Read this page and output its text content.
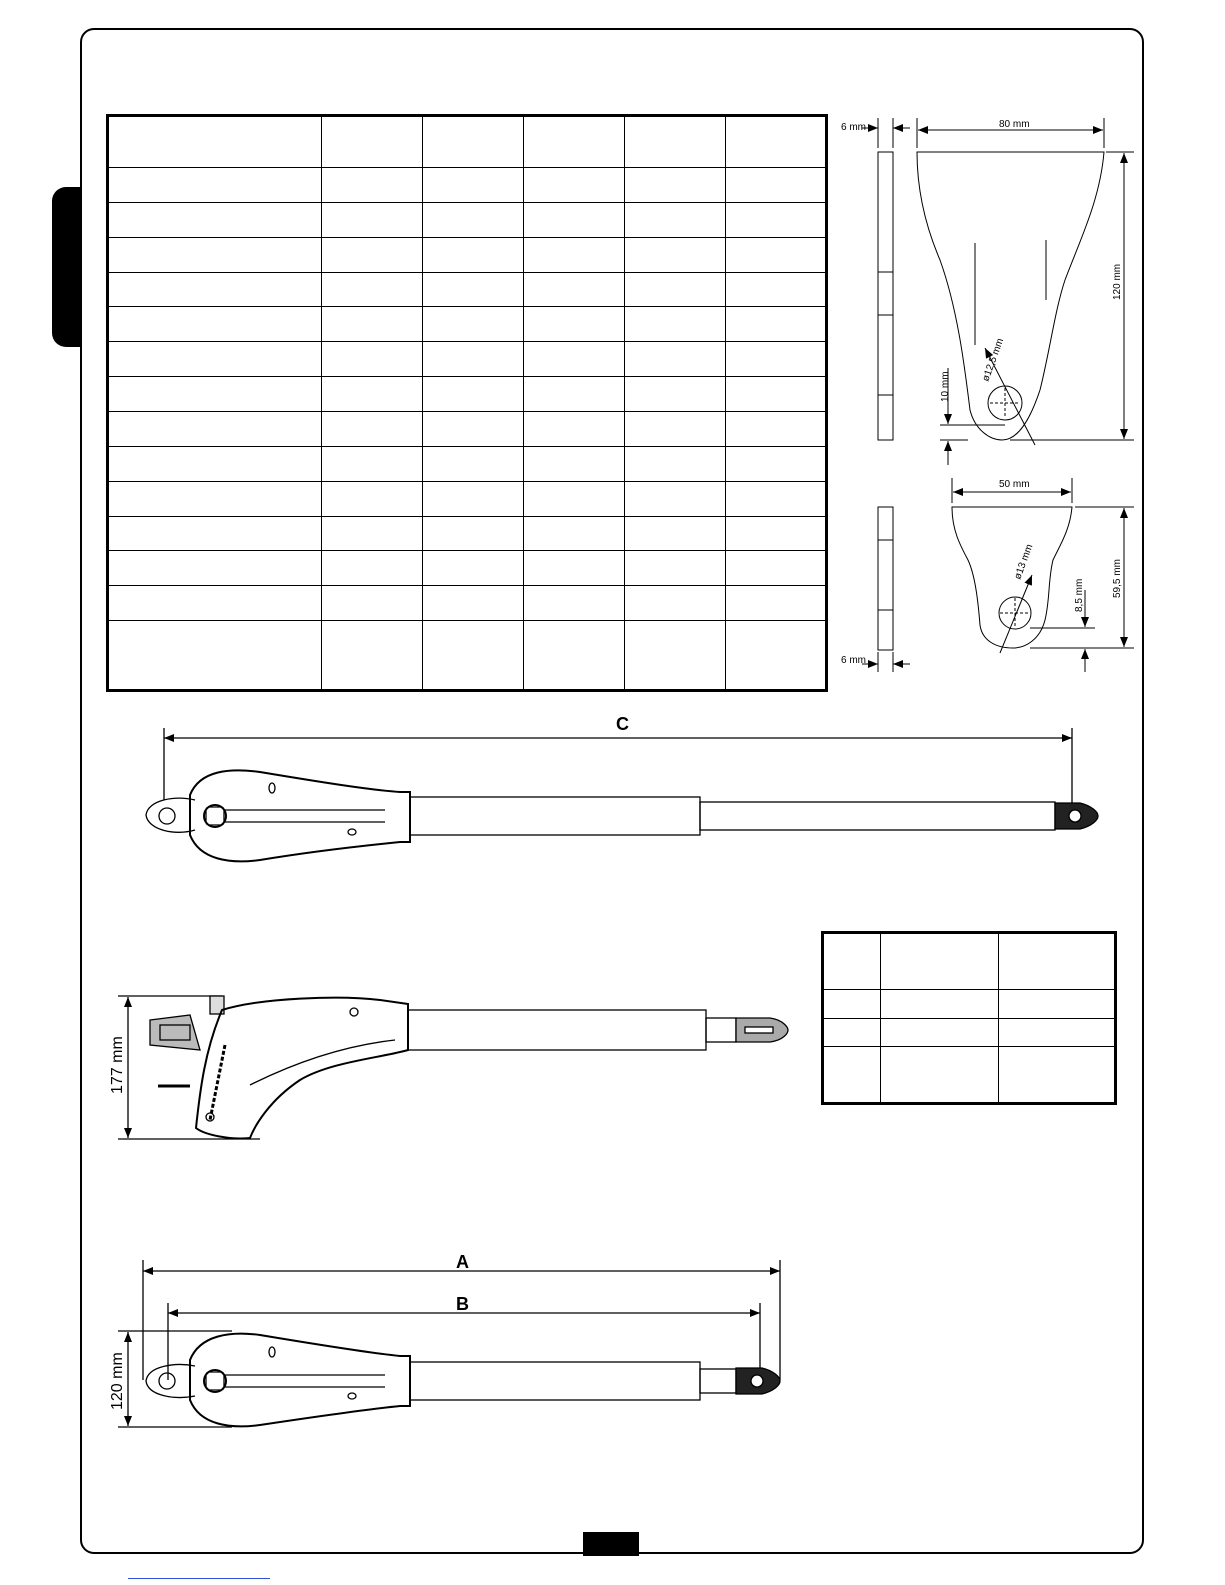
6 mm	80 mm
120 mm
ø12,5 mm
10 mm
50 mm
59,5 mm
ø13 mm
8,5 mm
6 mm
C
177 mm
A
B
120 mm
